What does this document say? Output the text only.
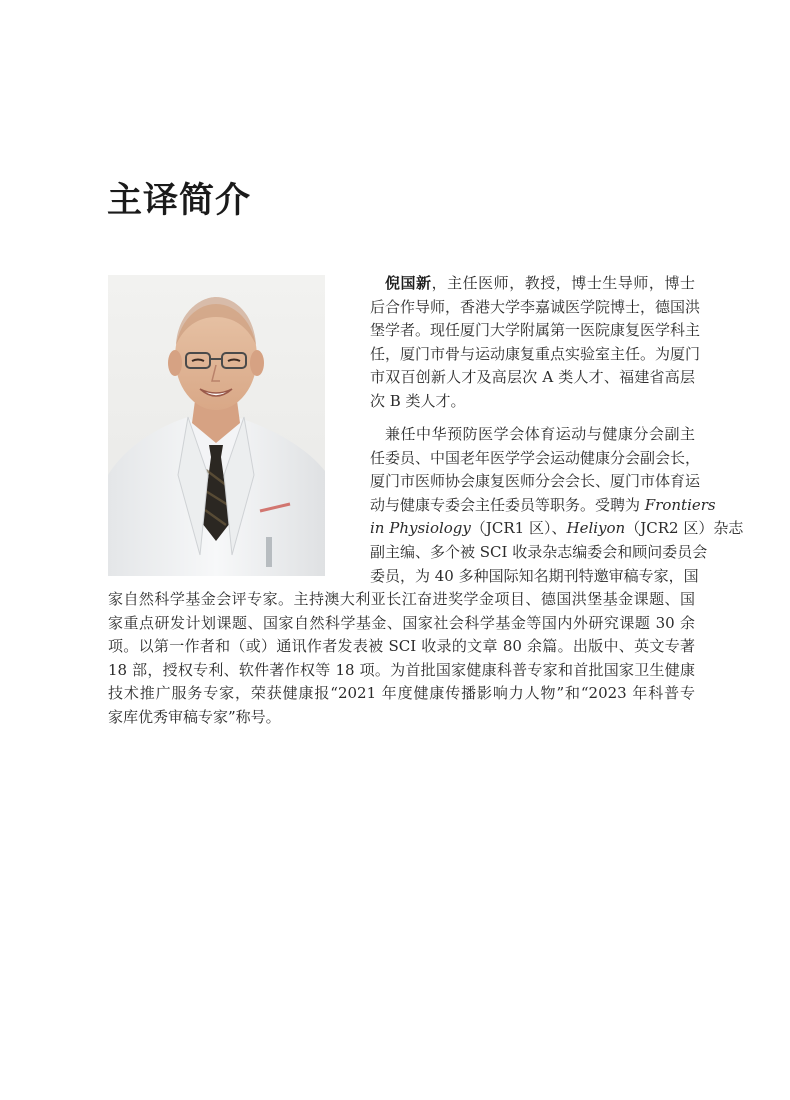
主译简介
倪国新，主任医师，教授，博士生导师，博士
后合作导师，香港大学李嘉诚医学院博士，德国洪
堡学者。现任厦门大学附属第一医院康复医学科主
任，厦门市骨与运动康复重点实验室主任。为厦门
市双百创新人才及高层次 A 类人才、福建省高层
次 B 类人才。
兼任中华预防医学会体育运动与健康分会副主
任委员、中国老年医学学会运动健康分会副会长，
厦门市医师协会康复医师分会会长、厦门市体育运
动与健康专委会主任委员等职务。受聘为 Frontiers
in Physiology（JCR1 区）、Heliyon（JCR2 区）杂志
副主编、多个被 SCI 收录杂志编委会和顾问委员会
委员，为 40 多种国际知名期刊特邀审稿专家，国
家自然科学基金会评专家。主持澳大利亚长江奋进奖学金项目、德国洪堡基金课题、国
家重点研发计划课题、国家自然科学基金、国家社会科学基金等国内外研究课题 30 余
项。以第一作者和（或）通讯作者发表被 SCI 收录的文章 80 余篇。出版中、英文专著
18 部，授权专利、软件著作权等 18 项。为首批国家健康科普专家和首批国家卫生健康
技术推广服务专家，荣获健康报“2021 年度健康传播影响力人物”和“2023 年科普专
家库优秀审稿专家”称号。
